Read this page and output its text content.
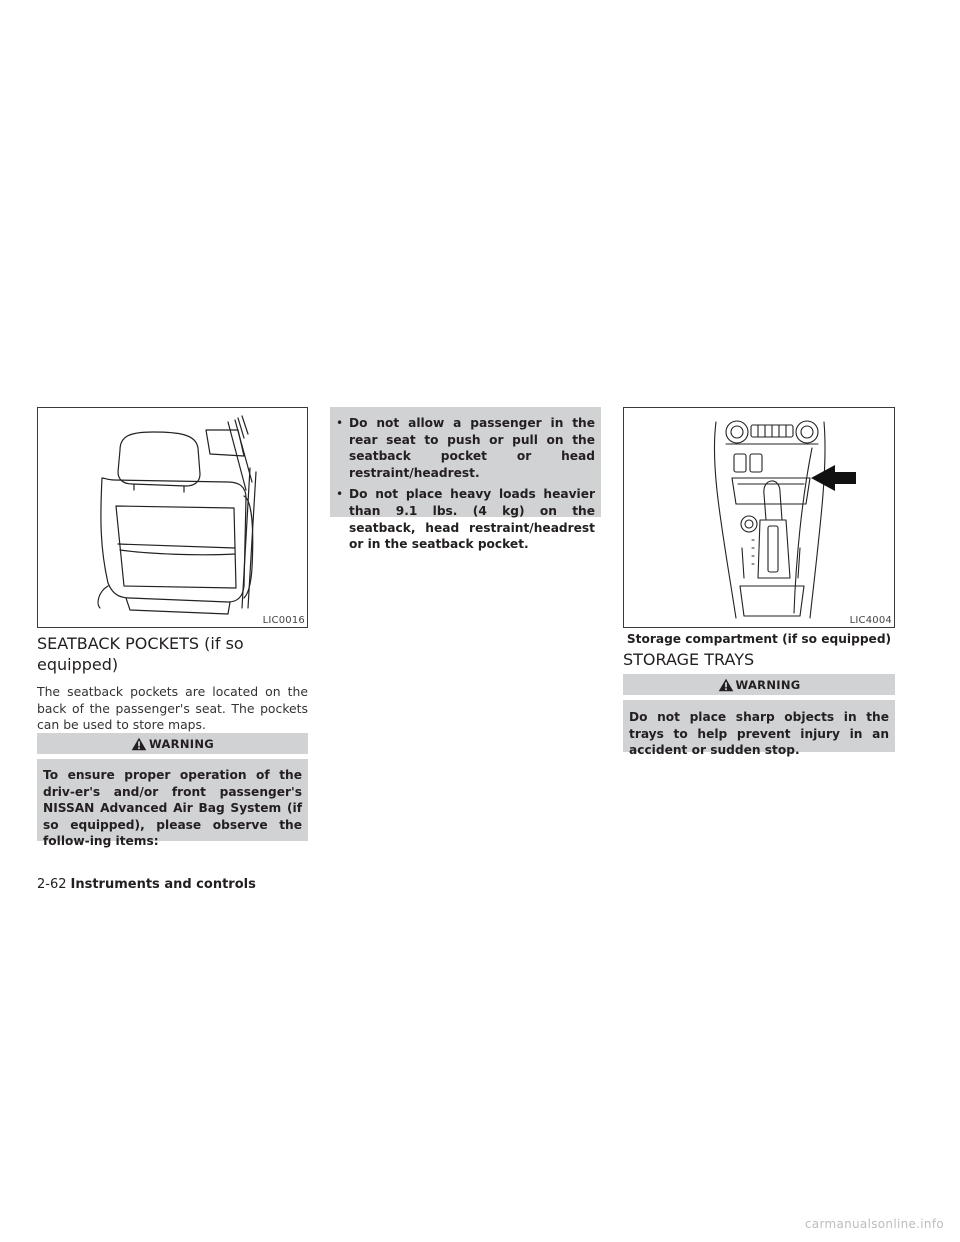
LIC0016
SEATBACK POCKETS (if so equipped)

The seatback pockets are located on the back of the passenger's seat. The pockets can be used to store maps.

WARNING
To ensure proper operation of the driv-er's and/or front passenger's NISSAN Advanced Air Bag System (if so equipped), please observe the follow-ing items:
• Do not allow a passenger in the rear seat to push or pull on the seatback pocket or head restraint/headrest.
• Do not place heavy loads heavier than 9.1 lbs. (4 kg) on the seatback, head restraint/headrest or in the seatback pocket.
LIC4004
Storage compartment (if so equipped)
STORAGE TRAYS
WARNING
Do not place sharp objects in the trays to help prevent injury in an accident or sudden stop.
2-62 Instruments and controls
carmanualsonline.info
